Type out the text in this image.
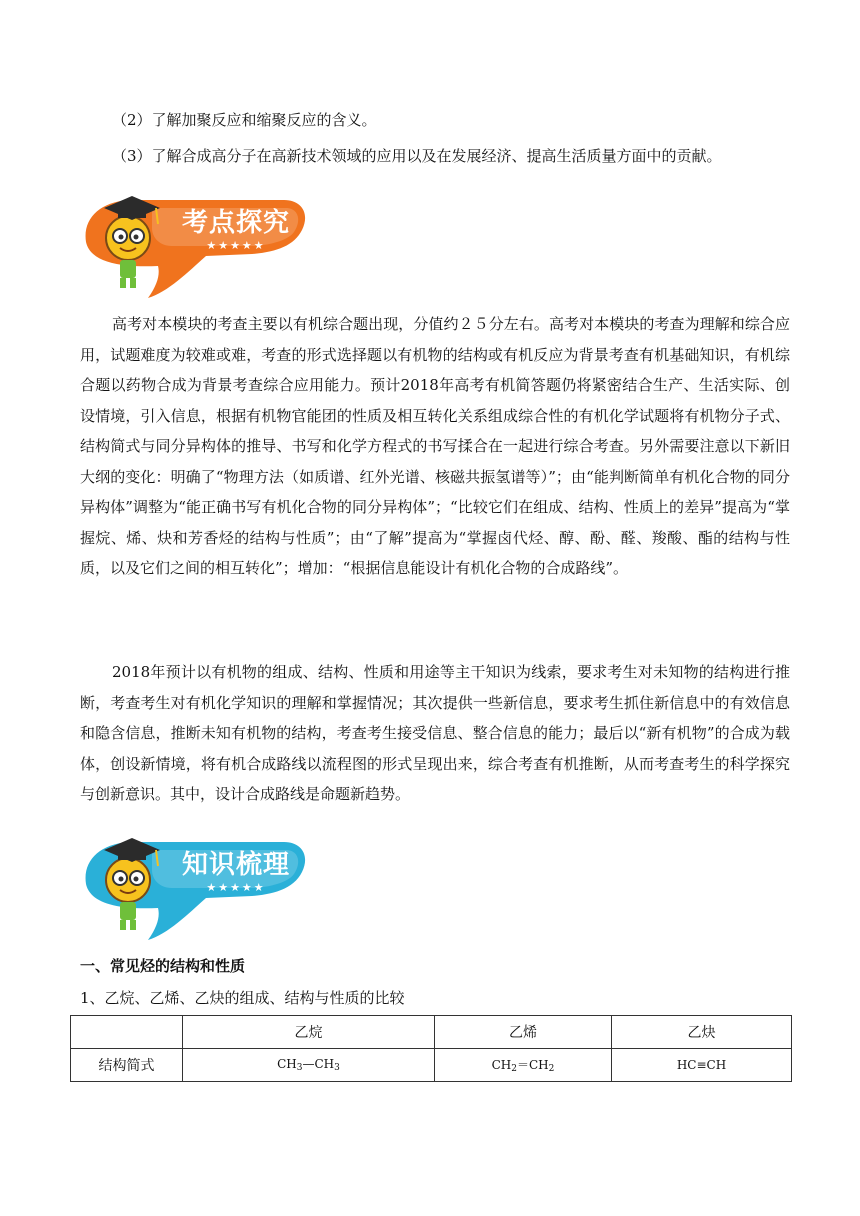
（2）了解加聚反应和缩聚反应的含义。
（3）了解合成高分子在高新技术领域的应用以及在发展经济、提高生活质量方面中的贡献。
考点探究
★★★★★
高考对本模块的考查主要以有机综合题出现，分值约２５分左右。高考对本模块的考查为理解和综合应用，试题难度为较难或难，考查的形式选择题以有机物的结构或有机反应为背景考查有机基础知识，有机综合题以药物合成为背景考查综合应用能力。预计2018年高考有机简答题仍将紧密结合生产、生活实际、创设情境，引入信息，根据有机物官能团的性质及相互转化关系组成综合性的有机化学试题将有机物分子式、结构简式与同分异构体的推导、书写和化学方程式的书写揉合在一起进行综合考查。另外需要注意以下新旧大纲的变化：明确了“物理方法（如质谱、红外光谱、核磁共振氢谱等）”；由“能判断简单有机化合物的同分异构体”调整为“能正确书写有机化合物的同分异构体”；“比较它们在组成、结构、性质上的差异”提高为“掌握烷、烯、炔和芳香烃的结构与性质”；由“了解”提高为“掌握卤代烃、醇、酚、醛、羧酸、酯的结构与性质，以及它们之间的相互转化”；增加：“根据信息能设计有机化合物的合成路线”。
2018年预计以有机物的组成、结构、性质和用途等主干知识为线索，要求考生对未知物的结构进行推断，考查考生对有机化学知识的理解和掌握情况；其次提供一些新信息，要求考生抓住新信息中的有效信息和隐含信息，推断未知有机物的结构，考查考生接受信息、整合信息的能力；最后以“新有机物”的合成为载体，创设新情境，将有机合成路线以流程图的形式呈现出来，综合考查有机推断，从而考查考生的科学探究与创新意识。其中，设计合成路线是命题新趋势。
知识梳理
★★★★★
一、常见烃的结构和性质
1、乙烷、乙烯、乙炔的组成、结构与性质的比较
	乙烷	乙烯	乙炔
结构简式	$CH_3—CH_3$	$CH_2=CH_2$	HC≡CH
